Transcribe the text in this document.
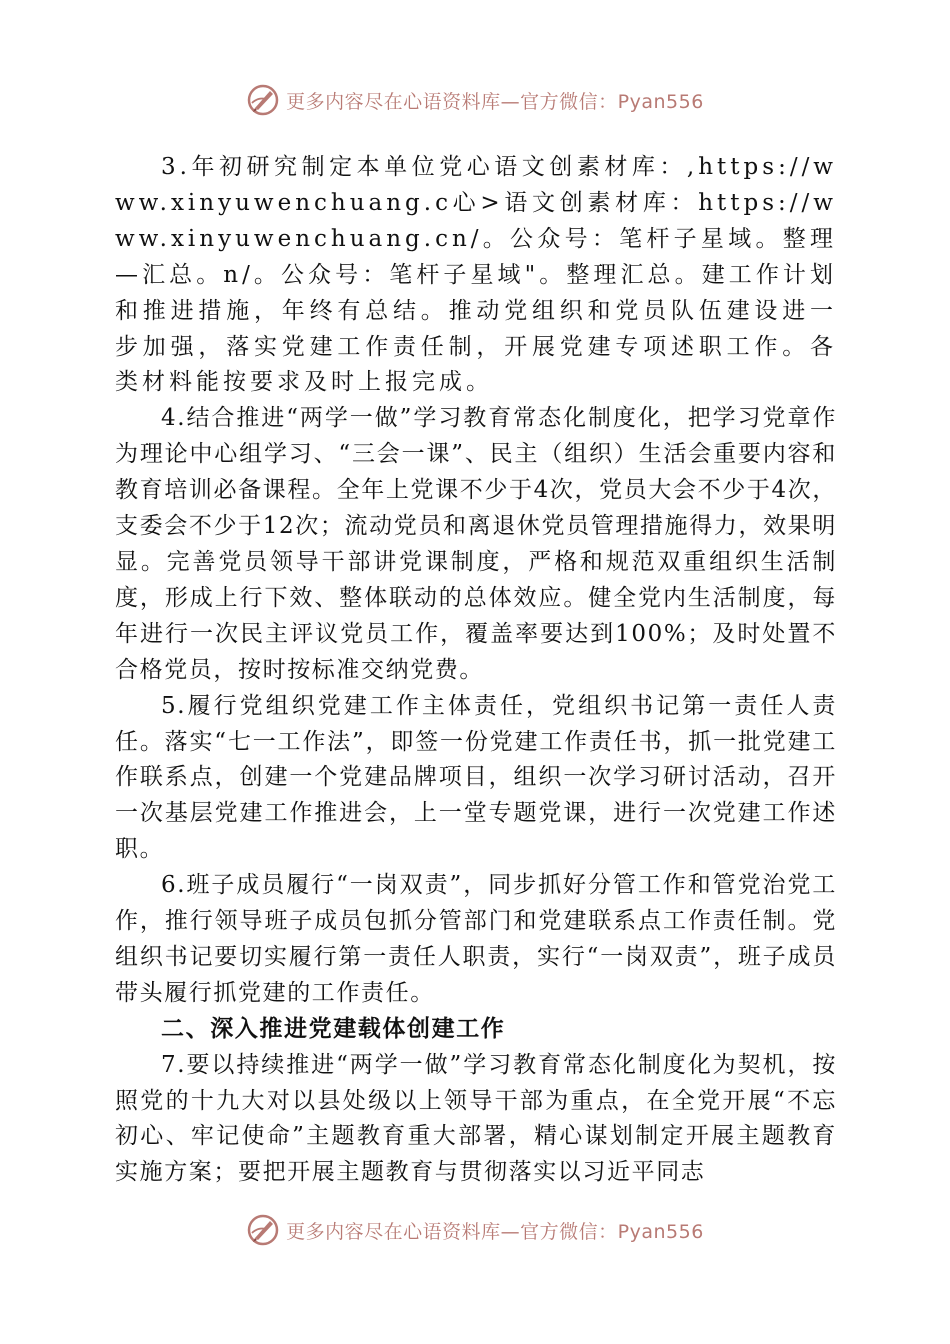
更多内容尽在心语资料库—官方微信：Pyan556

3.年初研究制定本单位党心语文创素材库：,https://www.xinyuwenchuang.c心>语文创素材库：https://www.xinyuwenchuang.cn/。公众号：笔杆子星域。整理—汇总。n/。公众号：笔杆子星域"。整理汇总。建工作计划和推进措施，年终有总结。推动党组织和党员队伍建设进一步加强，落实党建工作责任制，开展党建专项述职工作。各类材料能按要求及时上报完成。

4.结合推进“两学一做”学习教育常态化制度化，把学习党章作为理论中心组学习、“三会一课”、民主（组织）生活会重要内容和教育培训必备课程。全年上党课不少于4次，党员大会不少于4次，支委会不少于12次；流动党员和离退休党员管理措施得力，效果明显。完善党员领导干部讲党课制度，严格和规范双重组织生活制度，形成上行下效、整体联动的总体效应。健全党内生活制度，每年进行一次民主评议党员工作，覆盖率要达到100%；及时处置不合格党员，按时按标准交纳党费。

5.履行党组织党建工作主体责任，党组织书记第一责任人责任。落实“七一工作法”，即签一份党建工作责任书，抓一批党建工作联系点，创建一个党建品牌项目，组织一次学习研讨活动，召开一次基层党建工作推进会，上一堂专题党课，进行一次党建工作述职。

6.班子成员履行“一岗双责”，同步抓好分管工作和管党治党工作，推行领导班子成员包抓分管部门和党建联系点工作责任制。党组织书记要切实履行第一责任人职责，实行“一岗双责”，班子成员带头履行抓党建的工作责任。

二、深入推进党建载体创建工作

7.要以持续推进“两学一做”学习教育常态化制度化为契机，按照党的十九大对以县处级以上领导干部为重点，在全党开展“不忘初心、牢记使命”主题教育重大部署，精心谋划制定开展主题教育实施方案；要把开展主题教育与贯彻落实以习近平同志

更多内容尽在心语资料库—官方微信：Pyan556
